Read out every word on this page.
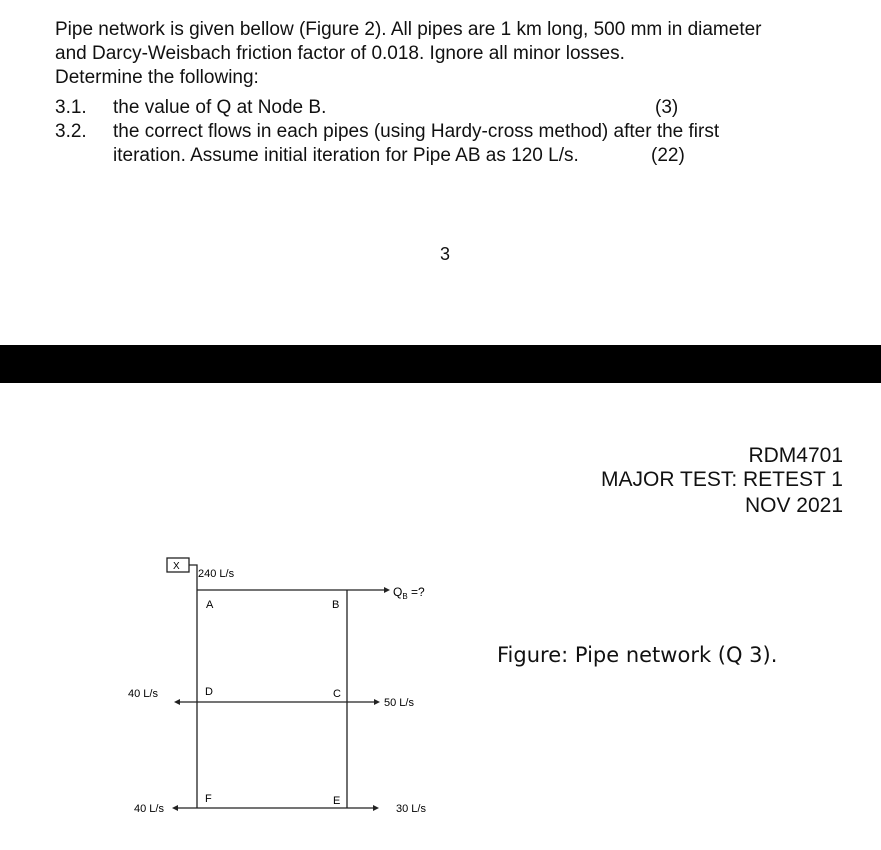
Pipe network is given bellow (Figure 2). All pipes are 1 km long, 500 mm in diameter
and Darcy-Weisbach friction factor of 0.018. Ignore all minor losses.
Determine the following:
3.1. the value of Q at Node B.	(3)
3.2. the correct flows in each pipes (using Hardy-cross method) after the first
iteration. Assume initial iteration for Pipe AB as 120 L/s.	(22)
3
RDM4701
MAJOR TEST: RETEST 1
NOV 2021
X
240 L/s
A	B
C
D
E
F
$Q_B$ =?
50 L/s
30 L/s
40 L/s
40 L/s
Figure: Pipe network (Q 3).
